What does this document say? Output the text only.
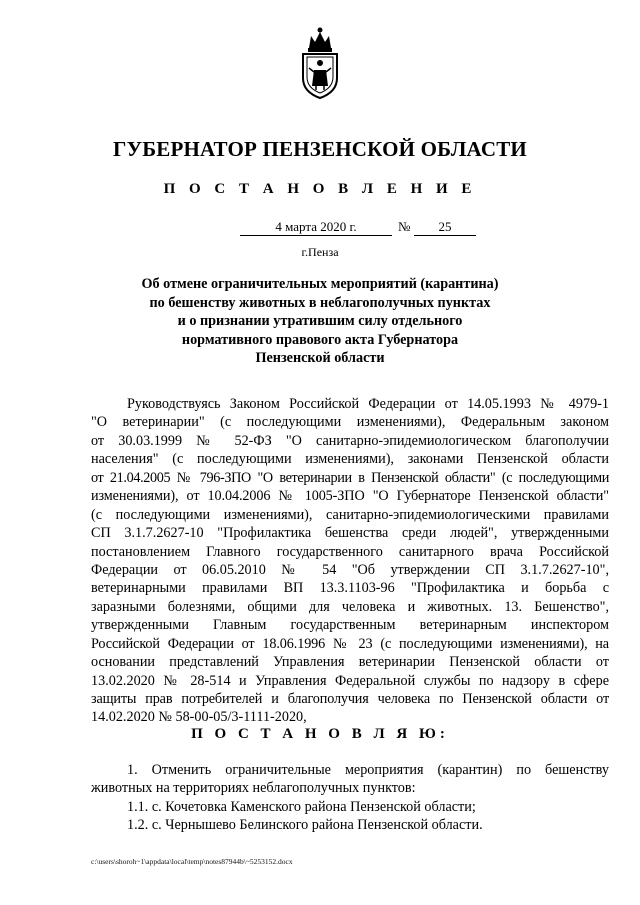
ГУБЕРНАТОР ПЕНЗЕНСКОЙ ОБЛАСТИ
П О С Т А Н О В Л Е Н И Е
4 марта 2020 г.	№	25
г.Пенза
Об отмене ограничительных мероприятий (карантина)
по бешенству животных в неблагополучных пунктах
и о признании утратившим силу отдельного
нормативного правового акта Губернатора
Пензенской области
Руководствуясь Законом Российской Федерации от 14.05.1993 № 4979-1
"О ветеринарии" (с последующими изменениями), Федеральным законом
от 30.03.1999 № 52-ФЗ "О санитарно-эпидемиологическом благополучии
населения" (с последующими изменениями), законами Пензенской области
от 21.04.2005 № 796-ЗПО "О ветеринарии в Пензенской области" (с последующими
изменениями), от 10.04.2006 № 1005-ЗПО "О Губернаторе Пензенской области"
(с последующими изменениями), санитарно-эпидемиологическими правилами
СП 3.1.7.2627-10 "Профилактика бешенства среди людей", утвержденными
постановлением Главного государственного санитарного врача Российской
Федерации от 06.05.2010 № 54 "Об утверждении СП 3.1.7.2627-10",
ветеринарными правилами ВП 13.3.1103-96 "Профилактика и борьба с
заразными болезнями, общими для человека и животных. 13. Бешенство",
утвержденными Главным государственным ветеринарным инспектором
Российской Федерации от 18.06.1996 № 23 (с последующими изменениями), на
основании представлений Управления ветеринарии Пензенской области от
13.02.2020 № 28-514 и Управления Федеральной службы по надзору в сфере
защиты прав потребителей и благополучия человека по Пензенской области от
14.02.2020 № 58-00-05/3-1111-2020,
П О С Т А Н О В Л Я Ю:
1. Отменить ограничительные мероприятия (карантин) по бешенству
животных на территориях неблагополучных пунктов:
1.1. с. Кочетовка Каменского района Пензенской области;
1.2. с. Чернышево Белинского района Пензенской области.
c:\users\shoroh~1\appdata\local\temp\notes87944b\~5253152.docx
